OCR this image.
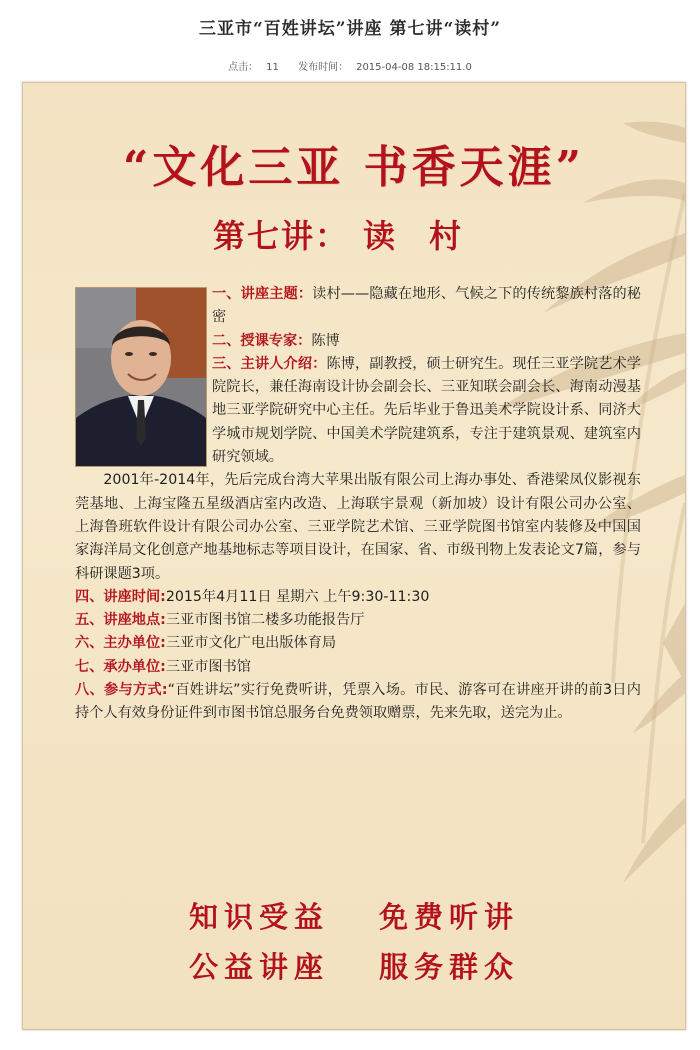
三亚市“百姓讲坛”讲座 第七讲“读村”
点击： 11 发布时间： 2015-04-08 18:15:11.0
“文化三亚 书香天涯”
第七讲： 读村

一、讲座主题：读村——隐藏在地形、气候之下的传统黎族村落的秘密

二、授课专家：陈博

三、主讲人介绍：陈博，副教授，硕士研究生。现任三亚学院艺术学院院长，兼任海南设计协会副会长、三亚知联会副会长、海南动漫基地三亚学院研究中心主任。先后毕业于鲁迅美术学院设计系、同济大学城市规划学院、中国美术学院建筑系，专注于建筑景观、建筑室内研究领域。

2001年-2014年，先后完成台湾大苹果出版有限公司上海办事处、香港梁凤仪影视东莞基地、上海宝隆五星级酒店室内改造、上海联宇景观（新加坡）设计有限公司办公室、上海鲁班软件设计有限公司办公室、三亚学院艺术馆、三亚学院图书馆室内装修及中国国家海洋局文化创意产地基地标志等项目设计，在国家、省、市级刊物上发表论文7篇，参与科研课题3项。

四、讲座时间:2015年4月11日 星期六 上午9:30-11:30

五、讲座地点:三亚市图书馆二楼多功能报告厅

六、主办单位:三亚市文化广电出版体育局

七、承办单位:三亚市图书馆

八、参与方式:“百姓讲坛”实行免费听讲，凭票入场。市民、游客可在讲座开讲的前3日内持个人有效身份证件到市图书馆总服务台免费领取赠票，先来先取，送完为止。

知识受益 免费听讲
公益讲座 服务群众
